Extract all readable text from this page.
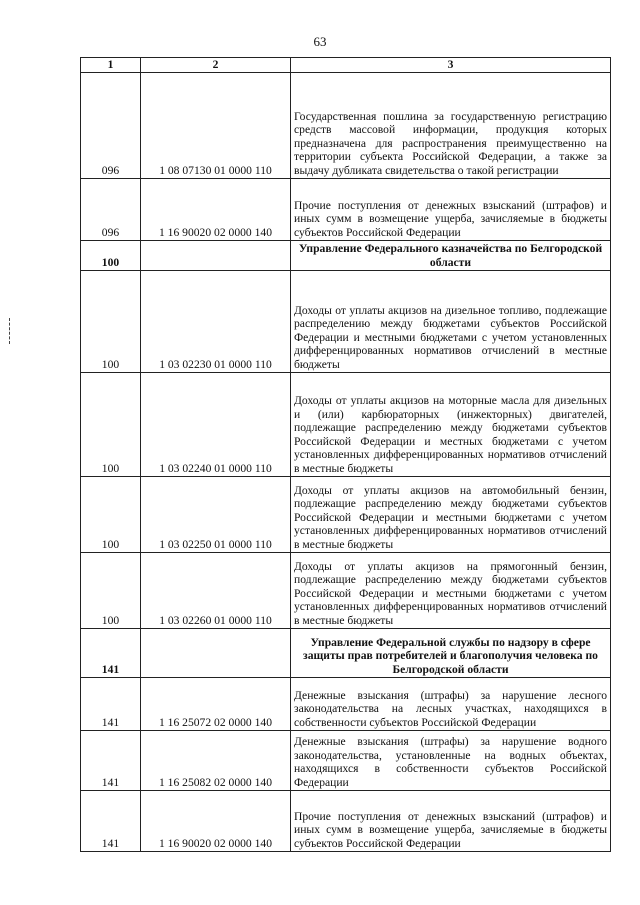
63
1	2	3
096	1 08 07130 01 0000 110	Государственная пошлина за государственную регистрацию средств массовой информации, продукция которых предназначена для распространения преимущественно на территории субъекта Российской Федерации, а также за выдачу дубликата свидетельства о такой регистрации
096	1 16 90020 02 0000 140	Прочие поступления от денежных взысканий (штрафов) и иных сумм в возмещение ущерба, зачисляемые в бюджеты субъектов Российской Федерации
100		Управление Федерального казначейства по Белгородской области
100	1 03 02230 01 0000 110	Доходы от уплаты акцизов на дизельное топливо, подлежащие распределению между бюджетами субъектов Российской Федерации и местными бюджетами с учетом установленных дифференцированных нормативов отчислений в местные бюджеты
100	1 03 02240 01 0000 110	Доходы от уплаты акцизов на моторные масла для дизельных и (или) карбюраторных (инжекторных) двигателей, подлежащие распределению между бюджетами субъектов Российской Федерации и местных бюджетами с учетом установленных дифференцированных нормативов отчислений в местные бюджеты
100	1 03 02250 01 0000 110	Доходы от уплаты акцизов на автомобильный бензин, подлежащие распределению между бюджетами субъектов Российской Федерации и местными бюджетами с учетом установленных дифференцированных нормативов отчислений в местные бюджеты
100	1 03 02260 01 0000 110	Доходы от уплаты акцизов на прямогонный бензин, подлежащие распределению между бюджетами субъектов Российской Федерации и местными бюджетами с учетом установленных дифференцированных нормативов отчислений в местные бюджеты
141		Управление Федеральной службы по надзору в сфере защиты прав потребителей и благополучия человека по Белгородской области
141	1 16 25072 02 0000 140	Денежные взыскания (штрафы) за нарушение лесного законодательства на лесных участках, находящихся в собственности субъектов Российской Федерации
141	1 16 25082 02 0000 140	Денежные взыскания (штрафы) за нарушение водного законодательства, установленные на водных объектах, находящихся в собственности субъектов Российской Федерации
141	1 16 90020 02 0000 140	Прочие поступления от денежных взысканий (штрафов) и иных сумм в возмещение ущерба, зачисляемые в бюджеты субъектов Российской Федерации
